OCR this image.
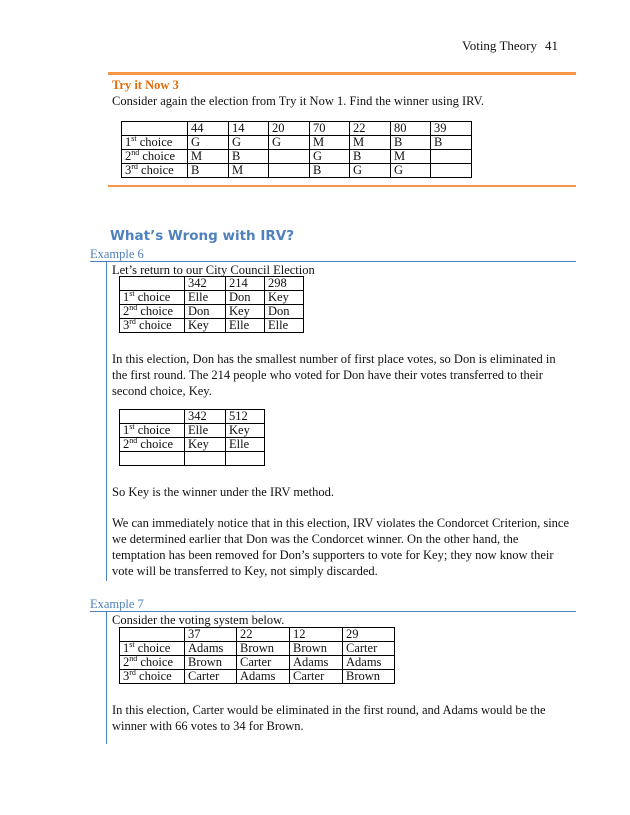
Voting Theory 41
Try it Now 3
Consider again the election from Try it Now 1. Find the winner using IRV.
	44	14	20	70	22	80	39
1st choice	G	G	G	M	M	B	B
2nd choice	M	B		G	B	M	
3rd choice	B	M		B	G	G	
What’s Wrong with IRV?
Example 6
Let’s return to our City Council Election
	342	214	298
1st choice	Elle	Don	Key
2nd choice	Don	Key	Don
3rd choice	Key	Elle	Elle
In this election, Don has the smallest number of first place votes, so Don is eliminated in the first round. The 214 people who voted for Don have their votes transferred to their second choice, Key.
	342	512
1st choice	Elle	Key
2nd choice	Key	Elle

So Key is the winner under the IRV method.
We can immediately notice that in this election, IRV violates the Condorcet Criterion, since we determined earlier that Don was the Condorcet winner. On the other hand, the temptation has been removed for Don’s supporters to vote for Key; they now know their vote will be transferred to Key, not simply discarded.
Example 7
Consider the voting system below.
	37	22	12	29
1st choice	Adams	Brown	Brown	Carter
2nd choice	Brown	Carter	Adams	Adams
3rd choice	Carter	Adams	Carter	Brown
In this election, Carter would be eliminated in the first round, and Adams would be the winner with 66 votes to 34 for Brown.
